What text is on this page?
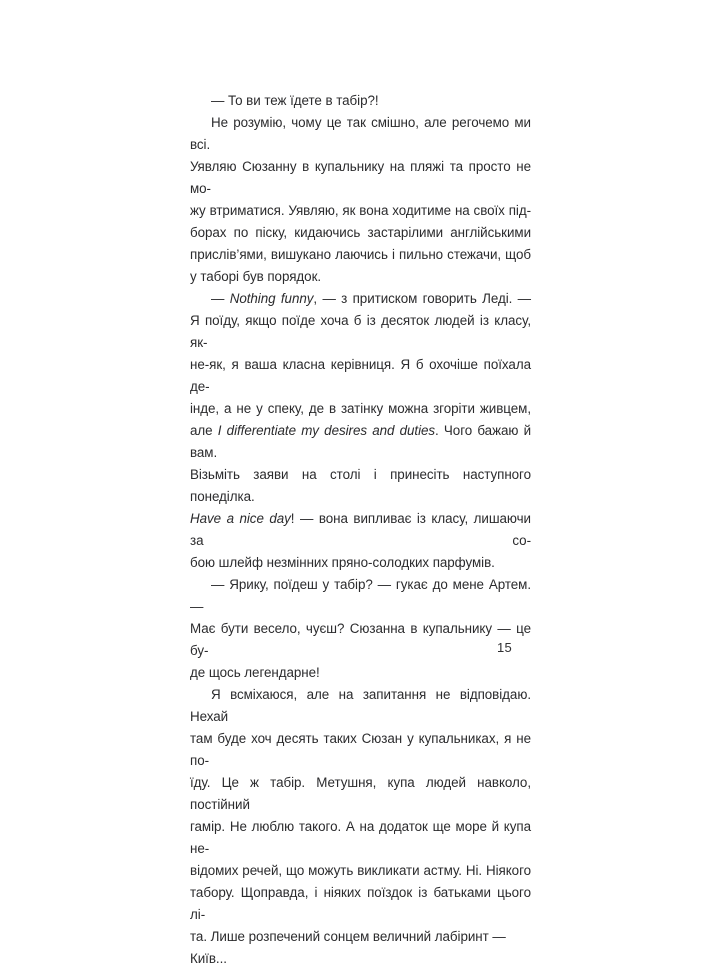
— То ви теж їдете в табір?!
Не розумію, чому це так смішно, але регочемо ми всі.
Уявляю Сюзанну в купальнику на пляжі та просто не мо-
жу втриматися. Уявляю, як вона ходитиме на своїх під-
борах по піску, кидаючись застарілими англійськими
прислів’ями, вишукано лаючись і пильно стежачи, щоб
у таборі був порядок.
— Nothing funny, — з притиском говорить Леді. —
Я поїду, якщо поїде хоча б із десяток людей із класу, як-
не-як, я ваша класна керівниця. Я б охочіше поїхала де-
інде, а не у спеку, де в затінку можна згоріти живцем,
але I differentiate my desires and duties. Чого бажаю й вам.
Візьміть заяви на столі і принесіть наступного понеділка.
Have a nice day! — вона випливає із класу, лишаючи за со-
бою шлейф незмінних пряно-солодких парфумів.
— Ярику, поїдеш у табір? — гукає до мене Артем. —
Має бути весело, чуєш? Сюзанна в купальнику — це бу-
де щось легендарне!
Я всміхаюся, але на запитання не відповідаю. Нехай
там буде хоч десять таких Сюзан у купальниках, я не по-
їду. Це ж табір. Метушня, купа людей навколо, постійний
гамір. Не люблю такого. А на додаток ще море й купа не-
відомих речей, що можуть викликати астму. Ні. Ніякого
табору. Щоправда, і ніяких поїздок із батьками цього лі-
та. Лише розпечений сонцем величний лабіринт — Київ...
15
